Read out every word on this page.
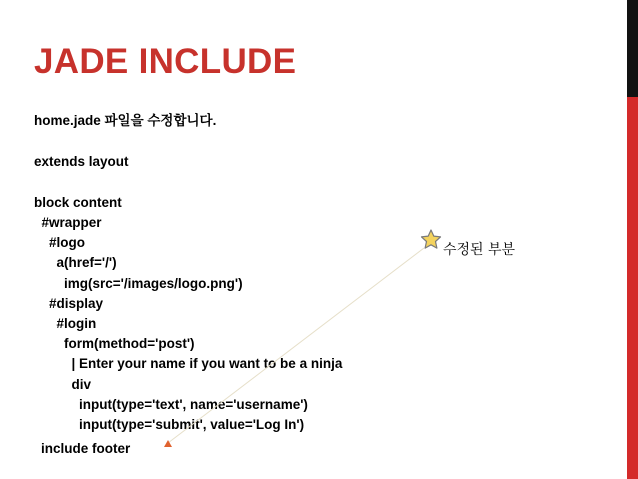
JADE INCLUDE
home.jade 파일을 수정합니다.
extends layout
block content
#wrapper
#logo
a(href='/')
img(src='/images/logo.png')
#display
#login
form(method='post')
| Enter your name if you want to be a ninja
div
input(type='text', name='username')
input(type='submit', value='Log In')
include footer
수정된 부분
